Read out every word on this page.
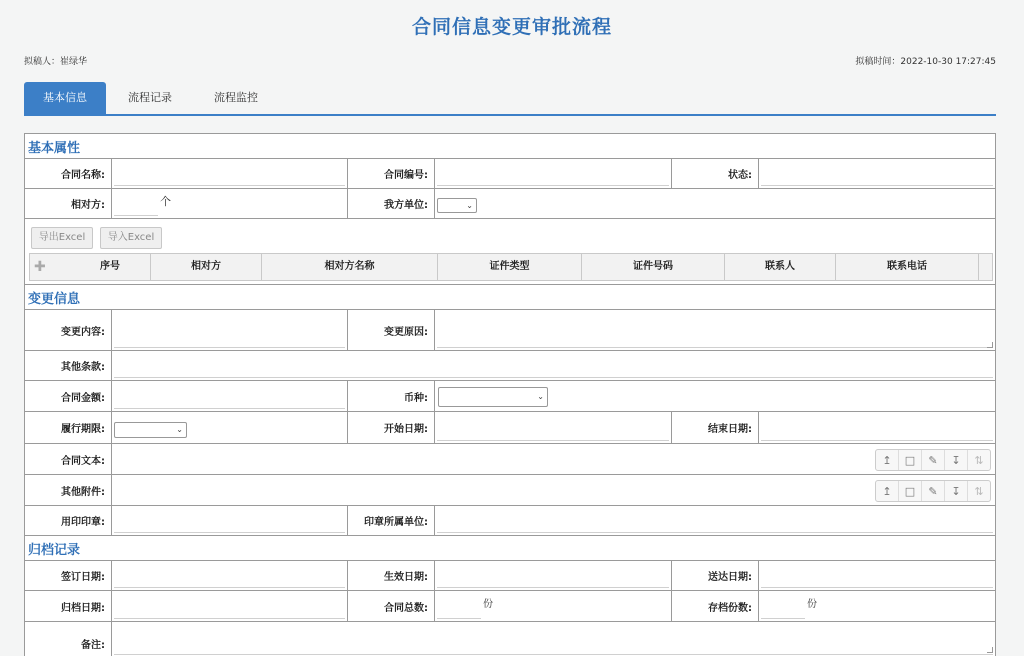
合同信息变更审批流程
拟稿人：崔绿华	拟稿时间：2022-10-30 17:27:45
基本信息	流程记录	流程监控
基本属性
合同名称:	合同编号:	状态:
相对方:	个	我方单位:	⌄
导出Excel	导入Excel
✚	序号	相对方	相对方名称	证件类型	证件号码	联系人	联系电话
变更信息
变更内容:	变更原因:
其他条款:
合同金额:	币种:	⌄
履行期限:	⌄	开始日期:	结束日期:
合同文本:	↥	□	✎	↧	⇅
其他附件:	↥	□	✎	↧	⇅
用印印章:	印章所属单位:
归档记录
签订日期:	生效日期:	送达日期:
归档日期:	合同总数:	份	存档份数:	份
备注:
